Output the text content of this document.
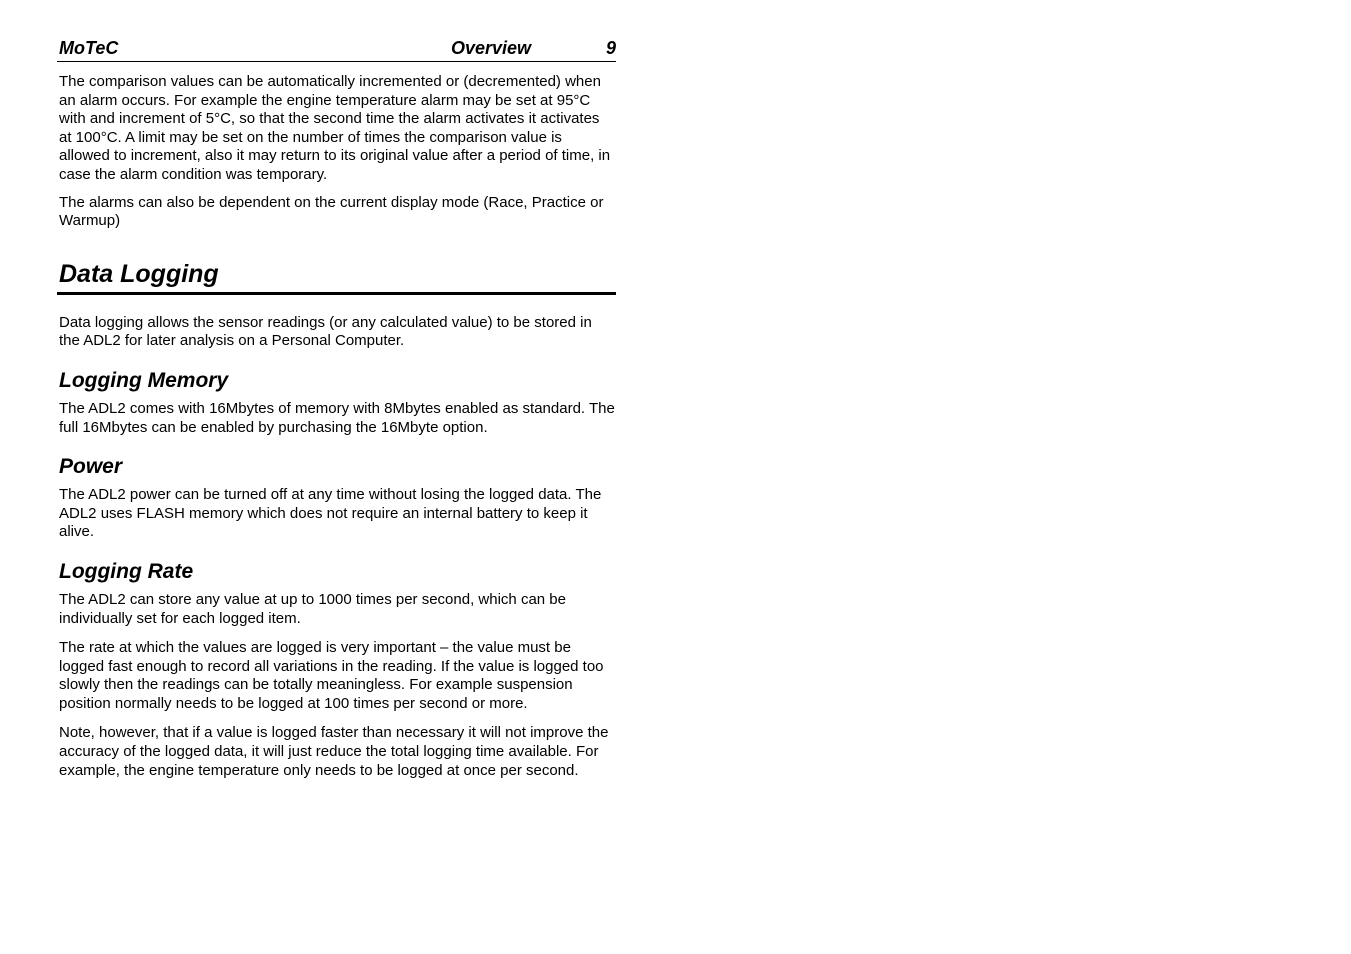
MoTeC	Overview	9

The comparison values can be automatically incremented or (decremented) when an alarm occurs. For example the engine temperature alarm may be set at 95°C with and increment of 5°C, so that the second time the alarm activates it activates at 100°C. A limit may be set on the number of times the comparison value is allowed to increment, also it may return to its original value after a period of time, in case the alarm condition was temporary.

The alarms can also be dependent on the current display mode (Race, Practice or Warmup)

Data Logging

Data logging allows the sensor readings (or any calculated value) to be stored in the ADL2 for later analysis on a Personal Computer.

Logging Memory

The ADL2 comes with 16Mbytes of memory with 8Mbytes enabled as standard. The full 16Mbytes can be enabled by purchasing the 16Mbyte option.

Power

The ADL2 power can be turned off at any time without losing the logged data. The ADL2 uses FLASH memory which does not require an internal battery to keep it alive.

Logging Rate

The ADL2 can store any value at up to 1000 times per second, which can be individually set for each logged item.

The rate at which the values are logged is very important – the value must be logged fast enough to record all variations in the reading. If the value is logged too slowly then the readings can be totally meaningless. For example suspension position normally needs to be logged at 100 times per second or more.

Note, however, that if a value is logged faster than necessary it will not improve the accuracy of the logged data, it will just reduce the total logging time available. For example, the engine temperature only needs to be logged at once per second.
